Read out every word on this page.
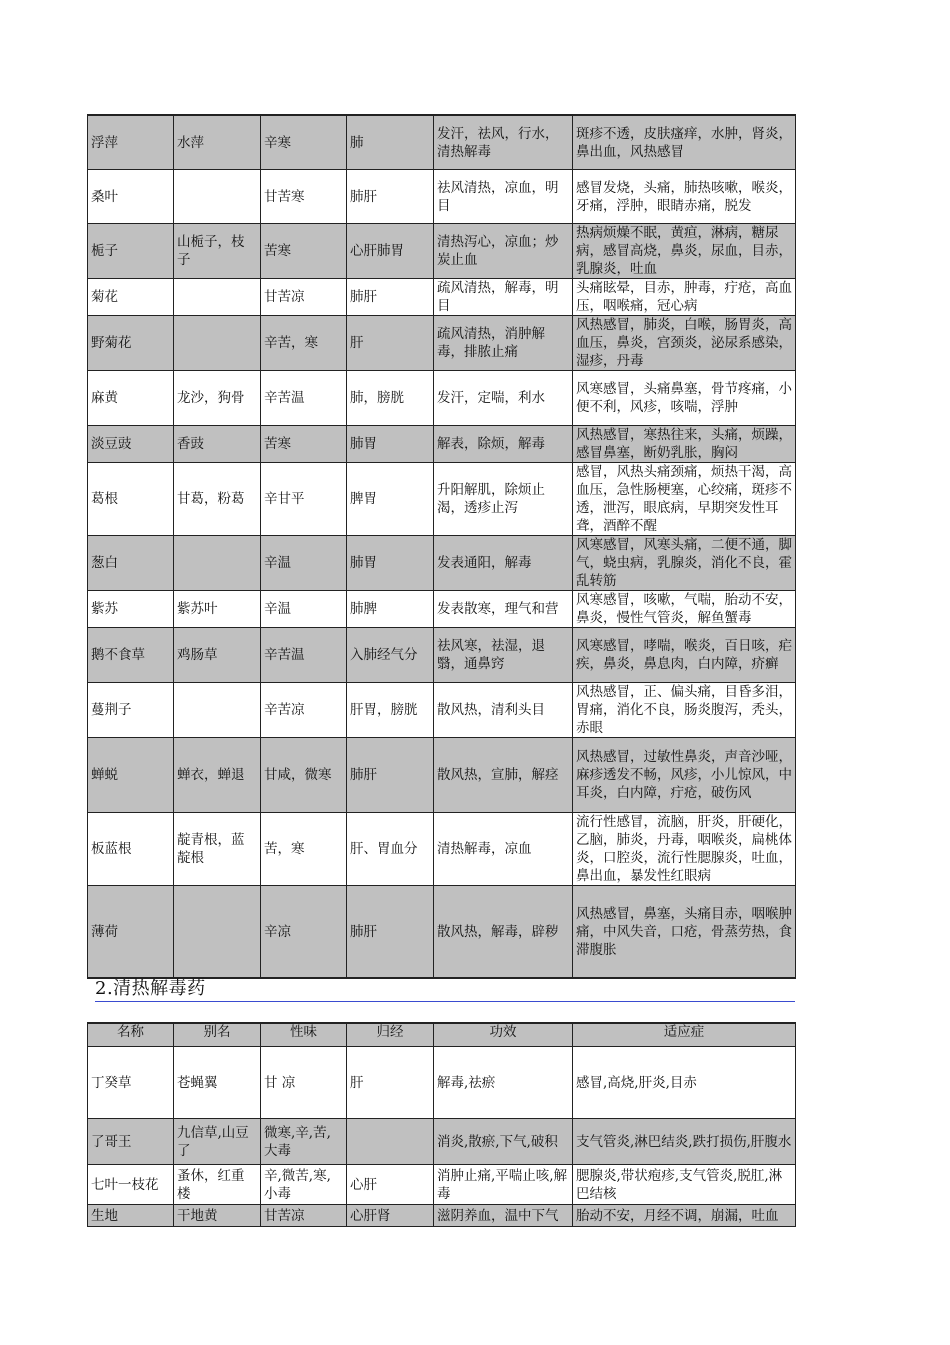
浮萍	水萍	辛寒	肺	发汗，祛风，行水，清热解毒	斑疹不透，皮肤瘙痒，水肿，肾炎，鼻出血，风热感冒
桑叶		甘苦寒	肺肝	祛风清热，凉血，明目	感冒发烧，头痛，肺热咳嗽，喉炎，牙痛，浮肿，眼睛赤痛，脱发
栀子	山栀子，枝子	苦寒	心肝肺胃	清热泻心，凉血；炒炭止血	热病烦燥不眠，黄疸，淋病，糖尿病，感冒高烧，鼻炎，尿血，目赤，乳腺炎，吐血
菊花		甘苦凉	肺肝	疏风清热，解毒，明目	头痛眩晕，目赤，肿毒，疔疮，高血压，咽喉痛，冠心病
野菊花		辛苦，寒	肝	疏风清热，消肿解毒，排脓止痛	风热感冒，肺炎，白喉，肠胃炎，高血压，鼻炎，宫颈炎，泌尿系感染，湿疹，丹毒
麻黄	龙沙，狗骨	辛苦温	肺，膀胱	发汗，定喘，利水	风寒感冒，头痛鼻塞，骨节疼痛，小便不利，风疹，咳喘，浮肿
淡豆豉	香豉	苦寒	肺胃	解表，除烦，解毒	风热感冒，寒热往来，头痛，烦躁，感冒鼻塞，断奶乳胀，胸闷
葛根	甘葛，粉葛	辛甘平	脾胃	升阳解肌，除烦止渴，透疹止泻	感冒，风热头痛颈痛，烦热干渴，高血压，急性肠梗塞，心绞痛，斑疹不透，泄泻，眼底病，早期突发性耳聋，酒醉不醒
葱白		辛温	肺胃	发表通阳，解毒	风寒感冒，风寒头痛，二便不通，脚气，蛲虫病，乳腺炎，消化不良，霍乱转筋
紫苏	紫苏叶	辛温	肺脾	发表散寒，理气和营	风寒感冒，咳嗽，气喘，胎动不安，鼻炎，慢性气管炎，解鱼蟹毒
鹅不食草	鸡肠草	辛苦温	入肺经气分	祛风寒，祛湿，退翳，通鼻窍	风寒感冒，哮喘，喉炎，百日咳，疟疾，鼻炎，鼻息肉，白内障，疥癣
蔓荆子		辛苦凉	肝胃，膀胱	散风热，清利头目	风热感冒，正、偏头痛，目昏多泪，胃痛，消化不良，肠炎腹泻，秃头，赤眼
蝉蜕	蝉衣，蝉退	甘咸，微寒	肺肝	散风热，宣肺，解痉	风热感冒，过敏性鼻炎，声音沙哑，麻疹透发不畅，风疹，小儿惊风，中耳炎，白内障，疔疮，破伤风
板蓝根	靛青根，蓝靛根	苦，寒	肝、胃血分	清热解毒，凉血	流行性感冒，流脑，肝炎，肝硬化，乙脑，肺炎，丹毒，咽喉炎，扁桃体炎，口腔炎，流行性腮腺炎，吐血，鼻出血，暴发性红眼病
薄荷		辛凉	肺肝	散风热，解毒，辟秽	风热感冒，鼻塞，头痛目赤，咽喉肿痛，中风失音，口疮，骨蒸劳热，食滞腹胀
2.清热解毒药
名称	别名	性味	归经	功效	适应症
丁癸草	苍蝇翼	甘 凉	肝	解毒,祛瘀	感冒,高烧,肝炎,目赤
了哥王	九信草,山豆了	微寒,辛,苦,大毒		消炎,散瘀,下气,破积	支气管炎,淋巴结炎,跌打损伤,肝腹水
七叶一枝花	蚤休，红重楼	辛,微苦,寒,小毒	心肝	消肿止痛,平喘止咳,解毒	腮腺炎,带状疱疹,支气管炎,脱肛,淋巴结核
生地	干地黄	甘苦凉	心肝肾	滋阴养血，温中下气	胎动不安，月经不调，崩漏，吐血
